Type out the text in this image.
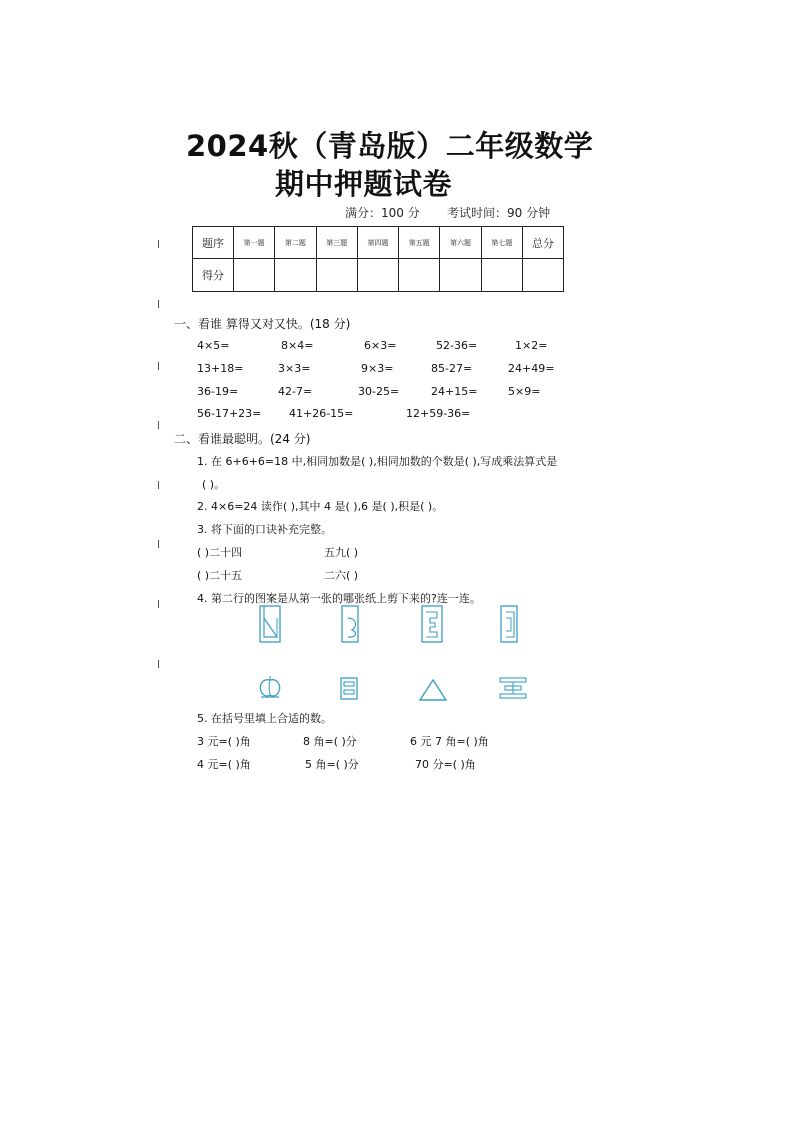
2024秋（青岛版）二年级数学
期中押题试卷
满分：100 分 考试时间：90 分钟
题序	第一题	第二题	第三题	第四题	第五题	第六题	第七题	总分
得分								
一、看谁 算得又对又快。(18 分)
4×5=	8×4=	6×3=	52-36=	1×2=
13+18=	3×3=	9×3=	85-27=	24+49=
36-19=	42-7=	30-25=	24+15=	5×9=
56-17+23=	41+26-15=	12+59-36=
二、看谁最聪明。(24 分)
1. 在 6+6+6=18 中,相同加数是( ),相同加数的个数是( ),写成乘法算式是
( )。
2. 4×6=24 读作( ),其中 4 是( ),6 是( ),积是( )。
3. 将下面的口诀补充完整。
( )二十四	五九( )
( )二十五	二六( )
4. 第二行的图案是从第一张的哪张纸上剪下来的?连一连。
5. 在括号里填上合适的数。
3 元=( )角	8 角=( )分	6 元 7 角=( )角
4 元=( )角	5 角=( )分	70 分=( )角
